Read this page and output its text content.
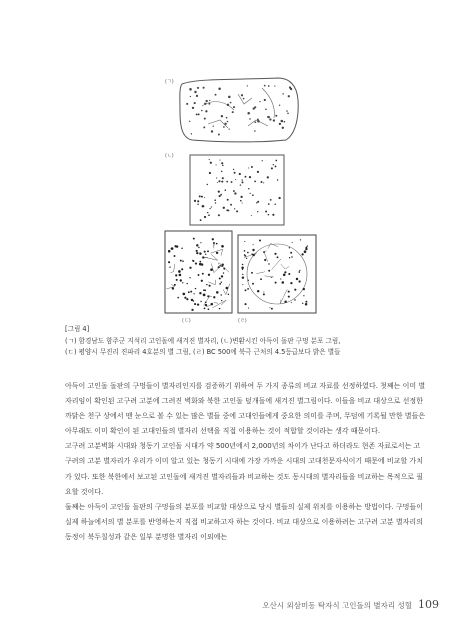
(ㄱ)
(ㄴ)
(ㄷ)	(ㄹ)
[그림 4]
(ㄱ) 함경남도 함주군 지석리 고인돌에 새겨진 별자리, (ㄴ)변환시킨 아득이 돌판 구멍 분포 그림,
(ㄷ) 평양시 무진리 진파리 4호분의 별 그림, (ㄹ) BC 500에 북극 근처의 4.5등급보다 밝은 별들

아득이 고인돌 돌판의 구멍들이 별자리인지를 검증하기 위하여 두 가지 종류의 비교 자료를 선정하였다. 첫째는 이미 별자리임이 확인된 고구려 고분에 그려진 벽화와 북한 고인돌 덮개돌에 새겨진 별그림이다. 이들을 비교 대상으로 선정한 까닭은 천구 상에서 맨 눈으로 볼 수 있는 많은 별들 중에 고대인들에게 중요한 의미를 주며, 무덤에 기록될 만한 별들은 아무래도 이미 확인이 된 고대인들의 별자리 선택을 직접 이용하는 것이 적합할 것이라는 생각 때문이다.

고구려 고분벽화 시대와 청동기 고인돌 시대가 약 500년에서 2,000년의 차이가 난다고 하더라도 현존 자료로서는 고구려의 고분 별자리가 우리가 이미 알고 있는 청동기 시대에 가장 가까운 시대의 고대천문자식이기 때문에 비교할 가치가 있다. 또한 북한에서 보고된 고인돌에 새겨진 별자리들과 비교하는 것도 동시대의 별자리들을 비교하는 목적으로 필요할 것이다.

둘째는 아득이 고인돌 돌판의 구멍들의 분포를 비교할 대상으로 당시 별들의 실제 위치를 이용하는 방법이다. 구멍들이 실제 하늘에서의 별 분포를 반영하는지 직접 비교하고자 하는 것이다. 비교 대상으로 이용하려는 고구려 고분 별자리의 동정이 북두칠성과 같은 일부 분명한 별자리 이외에는

오산시 외삼미동 탁자식 고인돌의 별자리 성혈 109
